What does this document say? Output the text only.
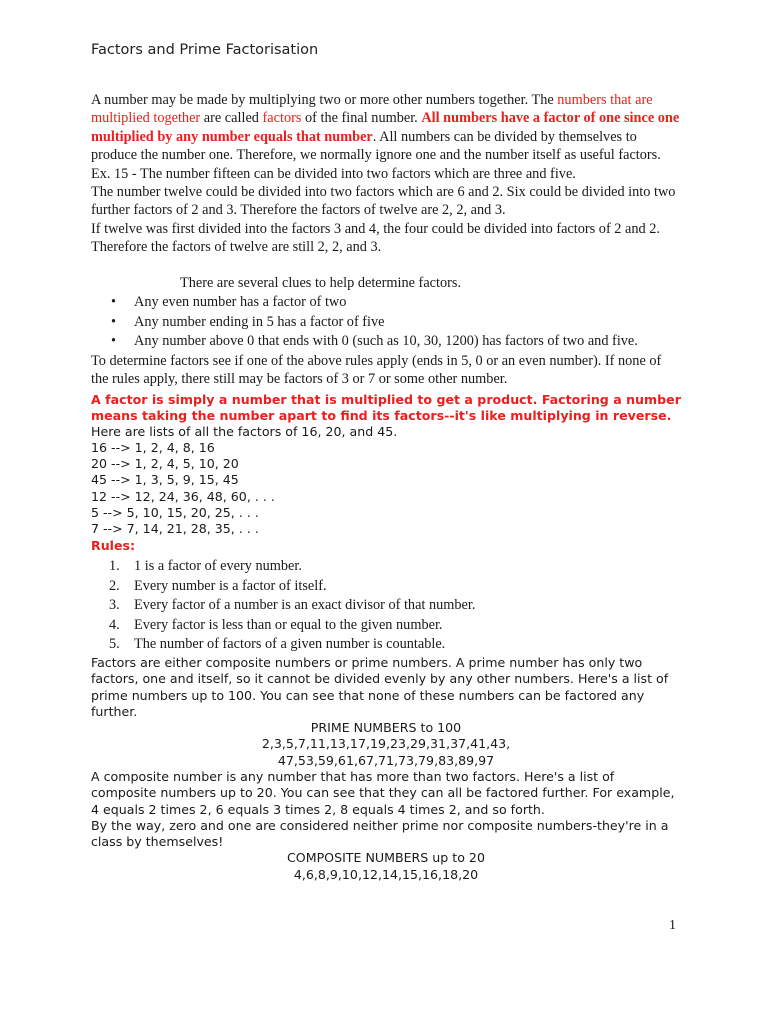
Factors and Prime Factorisation

A number may be made by multiplying two or more other numbers together. The numbers that are multiplied together are called factors of the final number. All numbers have a factor of one since one multiplied by any number equals that number. All numbers can be divided by themselves to produce the number one. Therefore, we normally ignore one and the number itself as useful factors.

Ex. 15 - The number fifteen can be divided into two factors which are three and five.

The number twelve could be divided into two factors which are 6 and 2. Six could be divided into two further factors of 2 and 3. Therefore the factors of twelve are 2, 2, and 3.

If twelve was first divided into the factors 3 and 4, the four could be divided into factors of 2 and 2. Therefore the factors of twelve are still 2, 2, and 3.

There are several clues to help determine factors.

• Any even number has a factor of two
• Any number ending in 5 has a factor of five
• Any number above 0 that ends with 0 (such as 10, 30, 1200) has factors of two and five.

To determine factors see if one of the above rules apply (ends in 5, 0 or an even number). If none of the rules apply, there still may be factors of 3 or 7 or some other number.

A factor is simply a number that is multiplied to get a product. Factoring a number means taking the number apart to find its factors--it's like multiplying in reverse.

Here are lists of all the factors of 16, 20, and 45.

16 --> 1, 2, 4, 8, 16

20 --> 1, 2, 4, 5, 10, 20

45 --> 1, 3, 5, 9, 15, 45

12 --> 12, 24, 36, 48, 60, . . .

5 --> 5, 10, 15, 20, 25, . . .

7 --> 7, 14, 21, 28, 35, . . .

Rules:

1. 1 is a factor of every number.
2. Every number is a factor of itself.
3. Every factor of a number is an exact divisor of that number.
4. Every factor is less than or equal to the given number.
5. The number of factors of a given number is countable.

Factors are either composite numbers or prime numbers. A prime number has only two factors, one and itself, so it cannot be divided evenly by any other numbers. Here's a list of prime numbers up to 100. You can see that none of these numbers can be factored any further.

PRIME NUMBERS to 100

2,3,5,7,11,13,17,19,23,29,31,37,41,43,

47,53,59,61,67,71,73,79,83,89,97

A composite number is any number that has more than two factors. Here's a list of composite numbers up to 20. You can see that they can all be factored further. For example, 4 equals 2 times 2, 6 equals 3 times 2, 8 equals 4 times 2, and so forth.

By the way, zero and one are considered neither prime nor composite numbers-they're in a class by themselves!

COMPOSITE NUMBERS up to 20

4,6,8,9,10,12,14,15,16,18,20

1
